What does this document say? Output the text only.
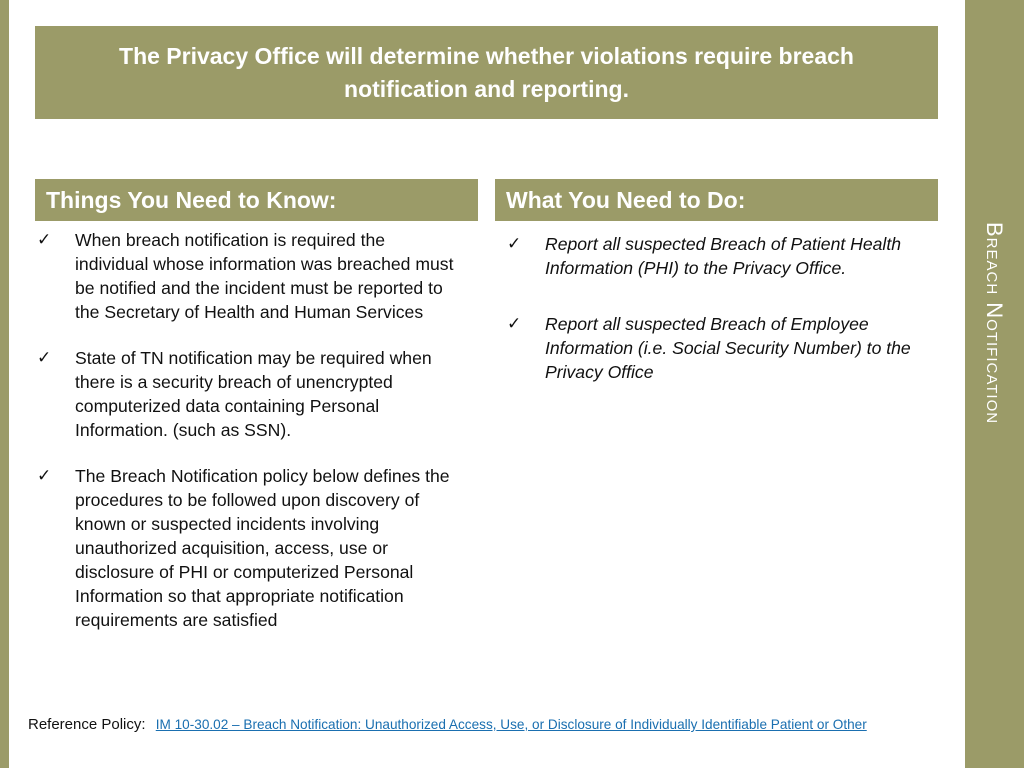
Breach Notification
The Privacy Office will determine whether violations require breach notification and reporting.
Things You Need to Know:	What You Need to Do:
✓	When breach notification is required the individual whose information was breached must be notified and the incident must be reported to the Secretary of Health and Human Services
✓	State of TN notification may be required when there is a security breach of unencrypted computerized data containing Personal Information. (such as SSN).
✓	The Breach Notification policy below defines the procedures to be followed upon discovery of known or suspected incidents involving unauthorized acquisition, access, use or disclosure of PHI or computerized Personal Information so that appropriate notification requirements are satisfied
✓	Report all suspected Breach of Patient Health Information (PHI) to the Privacy Office.
✓	Report all suspected Breach of Employee Information (i.e. Social Security Number) to the Privacy Office
Reference Policy: IM 10-30.02 – Breach Notification: Unauthorized Access, Use, or Disclosure of Individually Identifiable Patient or Other
